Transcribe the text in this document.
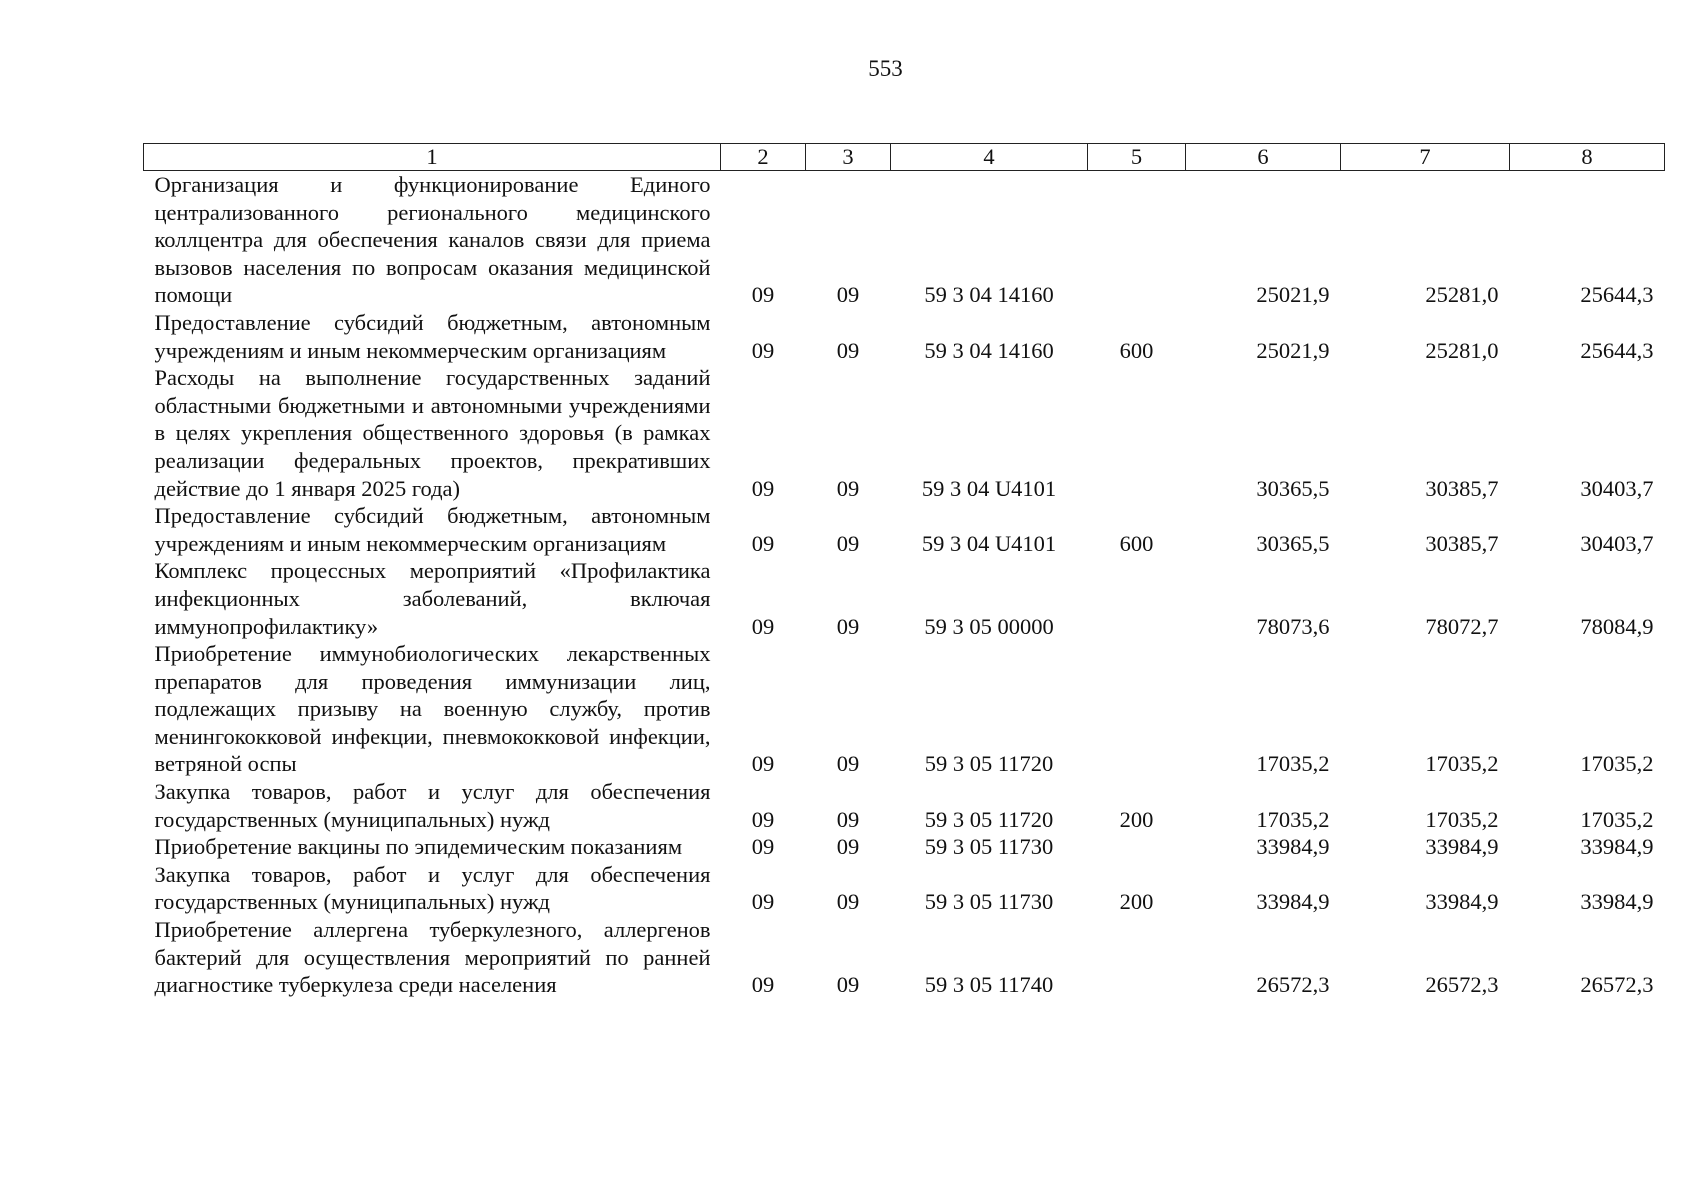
553
1	2	3	4	5	6	7	8
Организация и функционирование Единого централизованного регионального медицинского коллцентра для обеспечения каналов связи для приема вызовов населения по вопросам оказания медицинской помощи	09	09	59 3 04 14160		25021,9	25281,0	25644,3
Предоставление субсидий бюджетным, автономным учреждениям и иным некоммерческим организациям	09	09	59 3 04 14160	600	25021,9	25281,0	25644,3
Расходы на выполнение государственных заданий областными бюджетными и автономными учреждениями в целях укрепления общественного здоровья (в рамках реализации федеральных проектов, прекративших действие до 1 января 2025 года)	09	09	59 3 04 U4101		30365,5	30385,7	30403,7
Предоставление субсидий бюджетным, автономным учреждениям и иным некоммерческим организациям	09	09	59 3 04 U4101	600	30365,5	30385,7	30403,7
Комплекс процессных мероприятий «Профилактика инфекционных заболеваний, включая иммунопрофилактику»	09	09	59 3 05 00000		78073,6	78072,7	78084,9
Приобретение иммунобиологических лекарственных препаратов для проведения иммунизации лиц, подлежащих призыву на военную службу, против менингококковой инфекции, пневмококковой инфекции, ветряной оспы	09	09	59 3 05 11720		17035,2	17035,2	17035,2
Закупка товаров, работ и услуг для обеспечения государственных (муниципальных) нужд	09	09	59 3 05 11720	200	17035,2	17035,2	17035,2
Приобретение вакцины по эпидемическим показаниям	09	09	59 3 05 11730		33984,9	33984,9	33984,9
Закупка товаров, работ и услуг для обеспечения государственных (муниципальных) нужд	09	09	59 3 05 11730	200	33984,9	33984,9	33984,9
Приобретение аллергена туберкулезного, аллергенов бактерий для осуществления мероприятий по ранней диагностике туберкулеза среди населения	09	09	59 3 05 11740		26572,3	26572,3	26572,3
